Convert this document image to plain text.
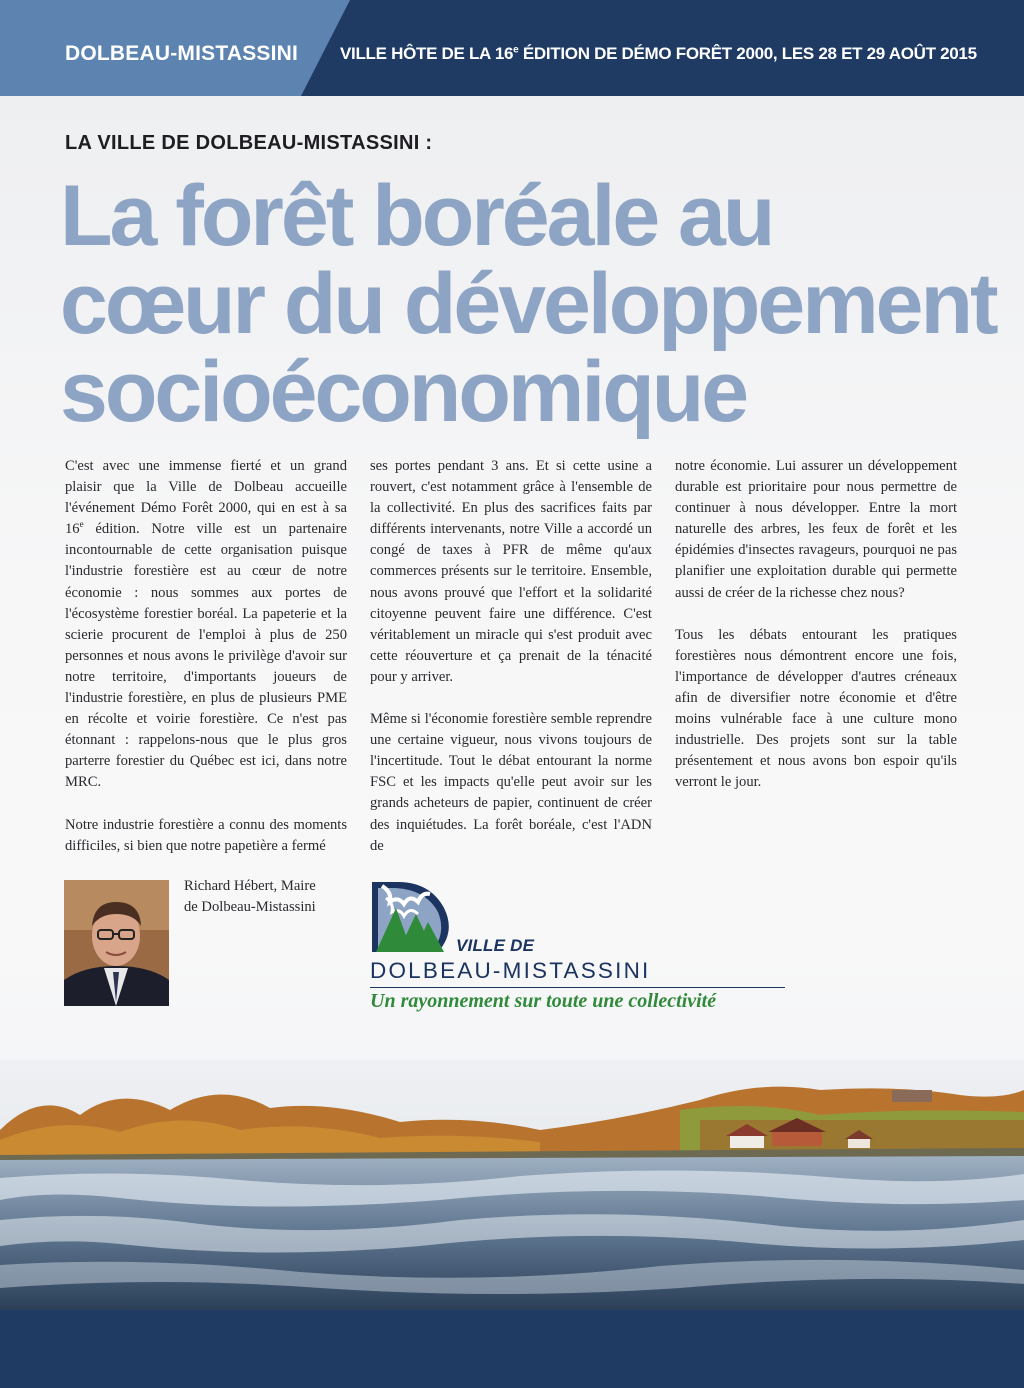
DOLBEAU-MISTASSINI VILLE HÔTE DE LA 16e ÉDITION DE DÉMO FORÊT 2000, LES 28 ET 29 AOÛT 2015
LA VILLE DE DOLBEAU-MISTASSINI :
La forêt boréale au
cœur du développement
socioéconomique

C'est avec une immense fierté et un grand plaisir que la Ville de Dolbeau accueille l'événement Démo Forêt 2000, qui en est à sa 16e édition. Notre ville est un partenaire incontournable de cette organisation puisque l'industrie forestière est au cœur de notre économie : nous sommes aux portes de l'écosystème forestier boréal. La papeterie et la scierie procurent de l'emploi à plus de 250 personnes et nous avons le privilège d'avoir sur notre territoire, d'importants joueurs de l'industrie forestière, en plus de plusieurs PME en récolte et voirie forestière. Ce n'est pas étonnant : rappelons-nous que le plus gros parterre forestier du Québec est ici, dans notre MRC.

Notre industrie forestière a connu des moments difficiles, si bien que notre papetière a fermé

ses portes pendant 3 ans. Et si cette usine a rouvert, c'est notamment grâce à l'ensemble de la collectivité. En plus des sacrifices faits par différents intervenants, notre Ville a accordé un congé de taxes à PFR de même qu'aux commerces présents sur le territoire. Ensemble, nous avons prouvé que l'effort et la solidarité citoyenne peuvent faire une différence. C'est véritablement un miracle qui s'est produit avec cette réouverture et ça prenait de la ténacité pour y arriver.

Même si l'économie forestière semble reprendre une certaine vigueur, nous vivons toujours de l'incertitude. Tout le débat entourant la norme FSC et les impacts qu'elle peut avoir sur les grands acheteurs de papier, continuent de créer des inquiétudes. La forêt boréale, c'est l'ADN de

notre économie. Lui assurer un développement durable est prioritaire pour nous permettre de continuer à nous développer. Entre la mort naturelle des arbres, les feux de forêt et les épidémies d'insectes ravageurs, pourquoi ne pas planifier une exploitation durable qui permette aussi de créer de la richesse chez nous?

Tous les débats entourant les pratiques forestières nous démontrent encore une fois, l'importance de développer d'autres créneaux afin de diversifier notre économie et d'être moins vulnérable face à une culture mono industrielle. Des projets sont sur la table présentement et nous avons bon espoir qu'ils verront le jour.

Richard Hébert, Maire
de Dolbeau-Mistassini
VILLE DE
DOLBEAU-MISTASSINI
Un rayonnement sur toute une collectivité
